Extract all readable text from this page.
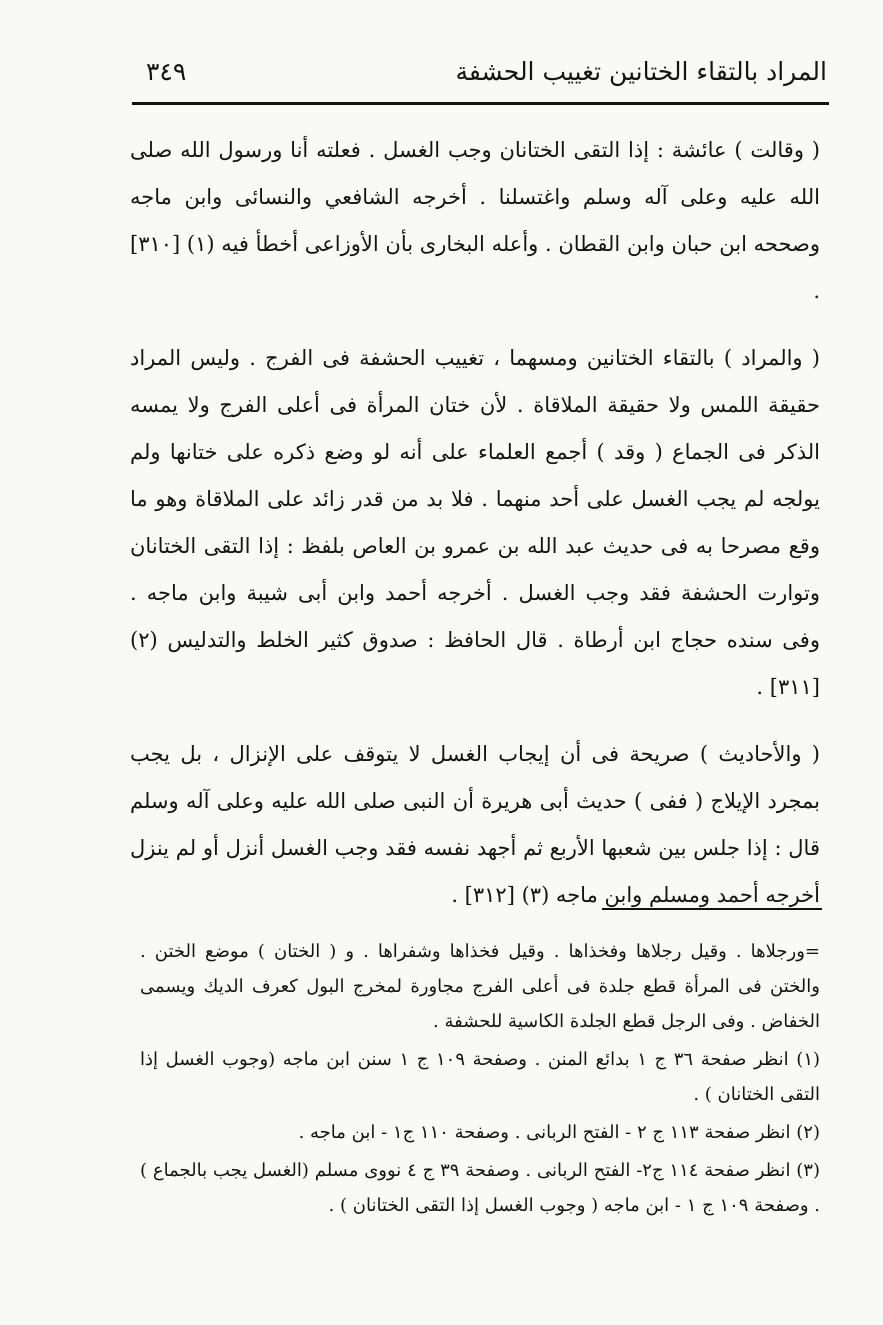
المراد بالتقاء الختانين تغييب الحشفة
٣٤٩

( وقالت ) عائشة : إذا التقى الختانان وجب الغسل . فعلته أنا ورسول الله صلى الله عليه وعلى آله وسلم واغتسلنا . أخرجه الشافعي والنسائى وابن ماجه وصححه ابن حبان وابن القطان . وأعله البخارى بأن الأوزاعى أخطأ فيه (١) [٣١٠] .

( والمراد ) بالتقاء الختانين ومسهما ، تغييب الحشفة فى الفرج . وليس المراد حقيقة اللمس ولا حقيقة الملاقاة . لأن ختان المرأة فى أعلى الفرج ولا يمسه الذكر فى الجماع ( وقد ) أجمع العلماء على أنه لو وضع ذكره على ختانها ولم يولجه لم يجب الغسل على أحد منهما . فلا بد من قدر زائد على الملاقاة وهو ما وقع مصرحا به فى حديث عبد الله بن عمرو بن العاص بلفظ : إذا التقى الختانان وتوارت الحشفة فقد وجب الغسل . أخرجه أحمد وابن أبى شيبة وابن ماجه . وفى سنده حجاج ابن أرطاة . قال الحافظ : صدوق كثير الخلط والتدليس (٢) [٣١١] .

( والأحاديث ) صريحة فى أن إيجاب الغسل لا يتوقف على الإنزال ، بل يجب بمجرد الإيلاج ( ففى ) حديث أبى هريرة أن النبى صلى الله عليه وعلى آله وسلم قال : إذا جلس بين شعبها الأربع ثم أجهد نفسه فقد وجب الغسل أنزل أو لم ينزل أخرجه أحمد ومسلم وابن ماجه (٣) [٣١٢] .

=ورجلاها . وقيل رجلاها وفخذاها . وقيل فخذاها وشفراها . و ( الختان ) موضع الختن . والختن فى المرأة قطع جلدة فى أعلى الفرج مجاورة لمخرج البول كعرف الديك ويسمى الخفاض . وفى الرجل قطع الجلدة الكاسية للحشفة .

(١) انظر صفحة ٣٦ ج ١ بدائع المنن . وصفحة ١٠٩ ج ١ سنن ابن ماجه (وجوب الغسل إذا التقى الختانان ) .

(٢) انظر صفحة ١١٣ ج ٢ - الفتح الربانى . وصفحة ١١٠ ج١ - ابن ماجه .

(٣) انظر صفحة ١١٤ ج٢- الفتح الربانى . وصفحة ٣٩ ج ٤ نووى مسلم (الغسل يجب بالجماع ) . وصفحة ١٠٩ ج ١ - ابن ماجه ( وجوب الغسل إذا التقى الختانان ) .
